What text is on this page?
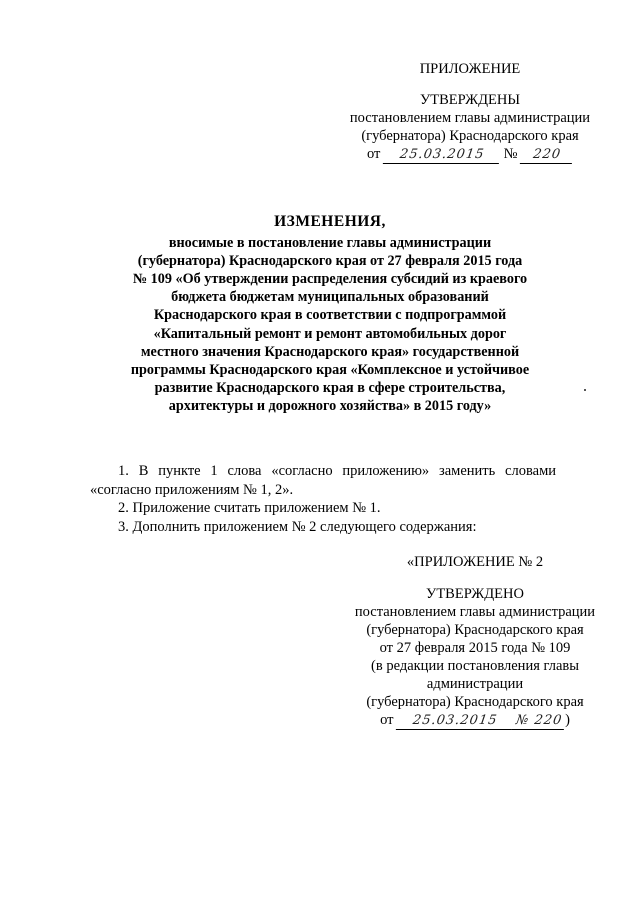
ПРИЛОЖЕНИЕ
УТВЕРЖДЕНЫ
постановлением главы администрации
(губернатора) Краснодарского края
от 25.03.2015 № 220
ИЗМЕНЕНИЯ,
вносимые в постановление главы администрации
(губернатора) Краснодарского края от 27 февраля 2015 года
№ 109 «Об утверждении распределения субсидий из краевого
бюджета бюджетам муниципальных образований
Краснодарского края в соответствии с подпрограммой
«Капитальный ремонт и ремонт автомобильных дорог
местного значения Краснодарского края» государственной
программы Краснодарского края «Комплексное и устойчивое
развитие Краснодарского края в сфере строительства,
архитектуры и дорожного хозяйства» в 2015 году»

1. В пункте 1 слова «согласно приложению» заменить словами

«согласно приложениям № 1, 2».

2. Приложение считать приложением № 1.

3. Дополнить приложением № 2 следующего содержания:

«ПРИЛОЖЕНИЕ № 2
УТВЕРЖДЕНО
постановлением главы администрации
(губернатора) Краснодарского края
от 27 февраля 2015 года № 109
(в редакции постановления главы
администрации
(губернатора) Краснодарского края
от 25.03.2015 № 220 )
